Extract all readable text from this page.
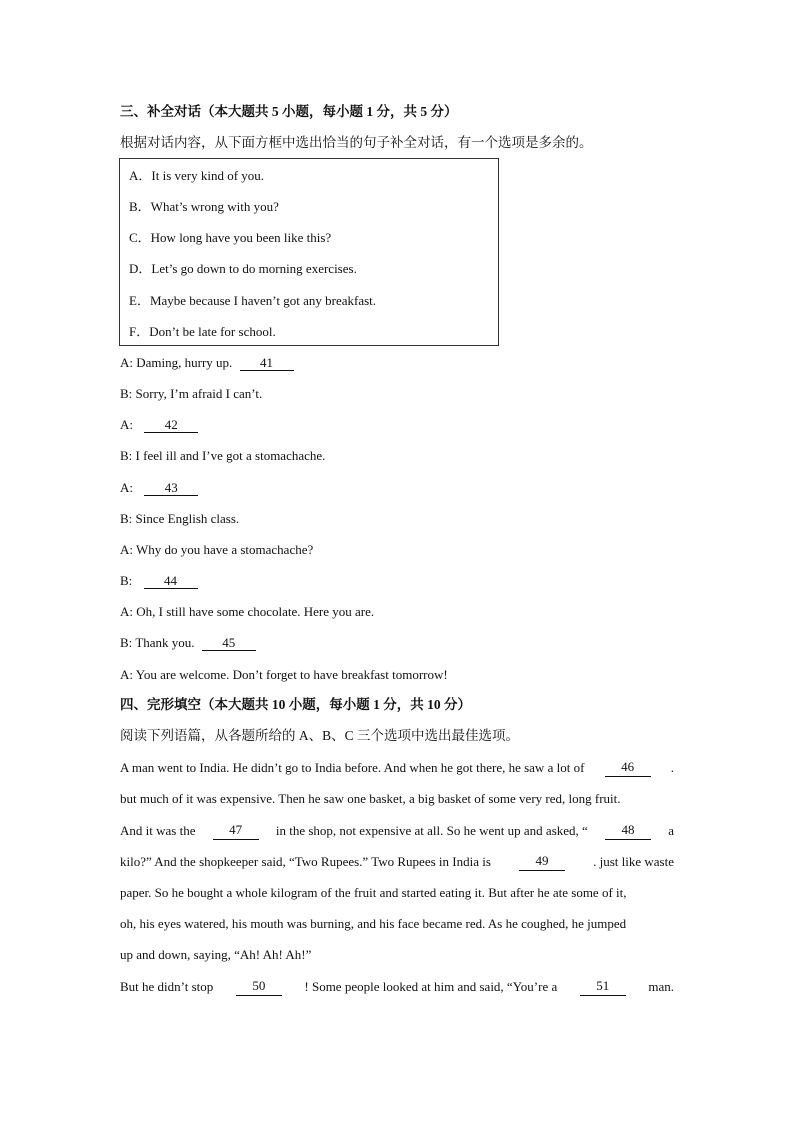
三、补全对话（本大题共 5 小题，每小题 1 分，共 5 分）
根据对话内容，从下面方框中选出恰当的句子补全对话，有一个选项是多余的。
A．It is very kind of you.
B．What’s wrong with you?
C．How long have you been like this?
D．Let’s go down to do morning exercises.
E．Maybe because I haven’t got any breakfast.
F．Don’t be late for school.
A: Daming, hurry up. 41
B: Sorry, I’m afraid I can’t.
A: 42
B: I feel ill and I’ve got a stomachache.
A: 43
B: Since English class.
A: Why do you have a stomachache?
B: 44
A: Oh, I still have some chocolate. Here you are.
B: Thank you. 45
A: You are welcome. Don’t forget to have breakfast tomorrow!
四、完形填空（本大题共 10 小题，每小题 1 分，共 10 分）
阅读下列语篇，从各题所给的 A、B、C 三个选项中选出最佳选项。
A man went to India. He didn’t go to India before. And when he got there, he saw a lot of	46	.
but much of it was expensive. Then he saw one basket, a big basket of some very red, long fruit.
And it was the	47	in the shop, not expensive at all. So he went up and asked, “	48	a
kilo?” And the shopkeeper said, “Two Rupees.” Two Rupees in India is	49	. just like waste
paper. So he bought a whole kilogram of the fruit and started eating it. But after he ate some of it,
oh, his eyes watered, his mouth was burning, and his face became red. As he coughed, he jumped
up and down, saying, “Ah! Ah! Ah!”
But he didn’t stop	50	! Some people looked at him and said, “You’re a	51	man.
